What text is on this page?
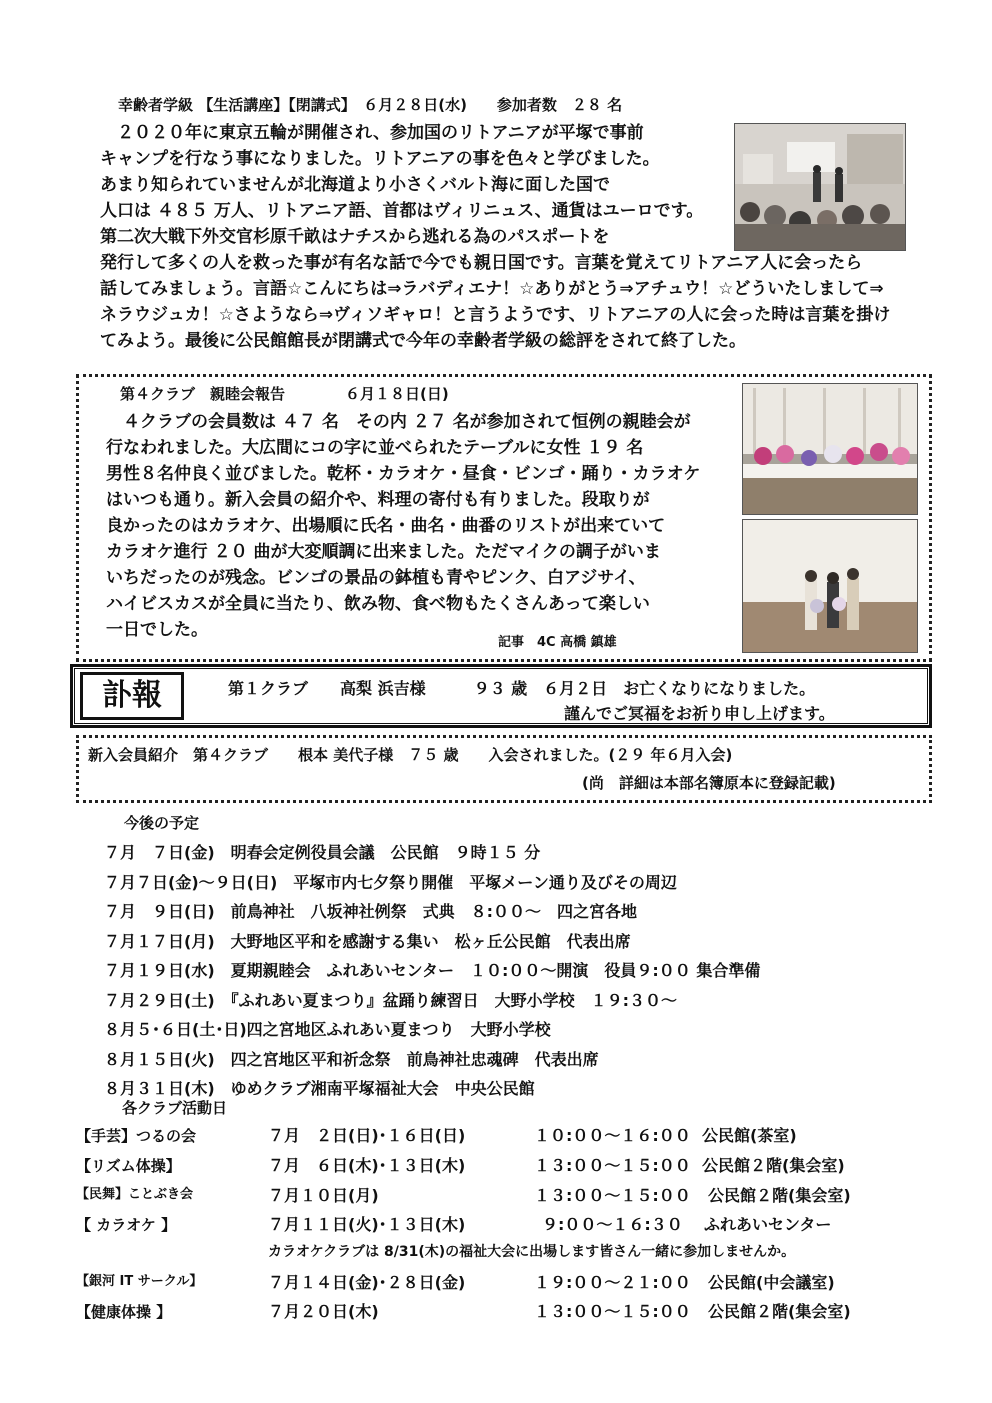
幸齢者学級 【生活講座】【閉講式】　６月２８日(水)　　参加者数　２８ 名
　２０２０年に東京五輪が開催され、参加国のリトアニアが平塚で事前
キャンプを行なう事になりました。リトアニアの事を色々と学びました。
あまり知られていませんが北海道より小さくバルト海に面した国で
人口は ４８５ 万人、リトアニア語、首都はヴィリニュス、通貨はユーロです。
第二次大戦下外交官杉原千畝はナチスから逃れる為のパスポートを
発行して多くの人を救った事が有名な話で今でも親日国です。言葉を覚えてリトアニア人に会ったら
話してみましょう。言語☆こんにちは⇒ラバディエナ！☆ありがとう⇒アチュウ！☆どういたしまして⇒
ネラウジュカ！☆さようなら⇒ヴィソギャロ！と言うようです、リトアニアの人に会った時は言葉を掛け
てみよう。最後に公民館館長が閉講式で今年の幸齢者学級の総評をされて終了した。
第４クラブ　親睦会報告　　　　６月１８日(日)
　４クラブの会員数は ４７ 名　その内 ２７ 名が参加されて恒例の親睦会が
行なわれました。大広間にコの字に並べられたテーブルに女性 １９ 名
男性８名仲良く並びました。乾杯・カラオケ・昼食・ビンゴ・踊り・カラオケ
はいつも通り。新入会員の紹介や、料理の寄付も有りました。段取りが
良かったのはカラオケ、出場順に氏名・曲名・曲番のリストが出来ていて
カラオケ進行 ２０ 曲が大変順調に出来ました。ただマイクの調子がいま
いちだったのが残念。ビンゴの景品の鉢植も青やピンク、白アジサイ、
ハイビスカスが全員に当たり、飲み物、食べ物もたくさんあって楽しい
一日でした。
記事　4C 高橋 鎮雄
訃報	第１クラブ　　高梨 浜吉様　　　９３ 歳　６月２日　お亡くなりになりました。
謹んでご冥福をお祈り申し上げます。
新入会員紹介　第４クラブ　　根本 美代子様　７５ 歳　　入会されました。(２９ 年６月入会)
(尚　詳細は本部名簿原本に登録記載)
今後の予定
７月　７日(金)　明春会定例役員会議　公民館　９時１５ 分
７月７日(金)～９日(日)　平塚市内七夕祭り開催　平塚メーン通り及びその周辺
７月　９日(日)　前鳥神社　八坂神社例祭　式典　８:００～　四之宮各地
７月１７日(月)　大野地区平和を感謝する集い　松ヶ丘公民館　代表出席
７月１９日(水)　夏期親睦会　ふれあいセンター　１０:００～開演　役員９:００ 集合準備
７月２９日(土)　『ふれあい夏まつり』盆踊り練習日　大野小学校　１９:３０～
８月５･６日(土･日)四之宮地区ふれあい夏まつり　大野小学校
８月１５日(火)　四之宮地区平和祈念祭　前鳥神社忠魂碑　代表出席
８月３１日(木)　ゆめクラブ湘南平塚福祉大会　中央公民館
各クラブ活動日
【手芸】つるの会	７月　２日(日)･１６日(日)	１０:００～１６:００ 公民館(茶室)
【リズム体操】	７月　６日(木)･１３日(木)	１３:００～１５:００ 公民館２階(集会室)
【民舞】ことぶき会	７月１０日(月)	１３:００～１５:００ 公民館２階(集会室)
【 カラオケ 】	７月１１日(火)･１３日(木)	９:００～１６:３０ ふれあいセンター
カラオケクラブは 8/31(木)の福祉大会に出場します皆さん一緒に参加しませんか。
【銀河 IT サークル】	７月１４日(金)･２８日(金)	１９:００～２１:００ 公民館(中会議室)
【健康体操 】	７月２０日(木)	１３:００～１５:００ 公民館２階(集会室)
